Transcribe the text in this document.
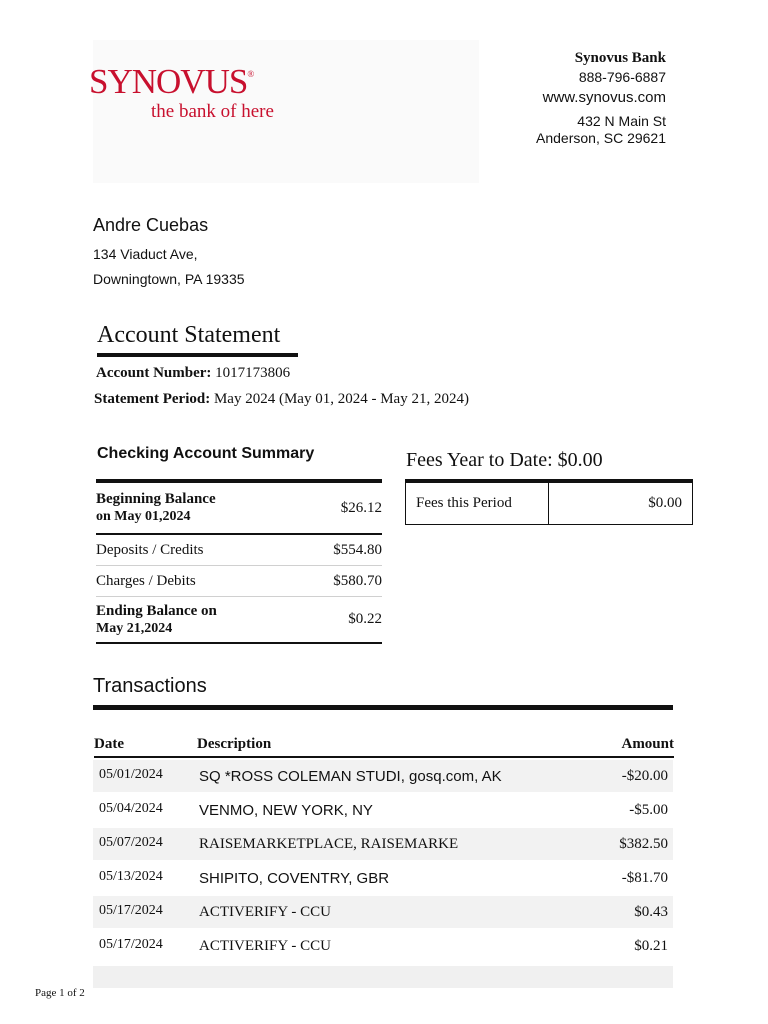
SYNOVUS®
the bank of here
Synovus Bank
888-796-6887
www.synovus.com
432 N Main St
Anderson, SC 29621
Andre Cuebas
134 Viaduct Ave,
Downingtown, PA 19335
Account Statement
Account Number: 1017173806
Statement Period: May 2024 (May 01, 2024 - May 21, 2024)
Checking Account Summary
Beginning Balance
on May 01,2024
$26.12
Deposits / Credits	$554.80
Charges / Debits	$580.70
Ending Balance on
May 21,2024
$0.22
Fees Year to Date: $0.00
Fees this Period	$0.00
Transactions
Date	Description	Amount
05/01/2024 SQ *ROSS COLEMAN STUDI, gosq.com, AK	-$20.00
05/04/2024 VENMO, NEW YORK, NY	-$5.00
05/07/2024 RAISEMARKETPLACE, RAISEMARKE	$382.50
05/13/2024 SHIPITO, COVENTRY, GBR	-$81.70
05/17/2024 ACTIVERIFY - CCU	$0.43
05/17/2024 ACTIVERIFY - CCU	$0.21
Page 1 of 2
